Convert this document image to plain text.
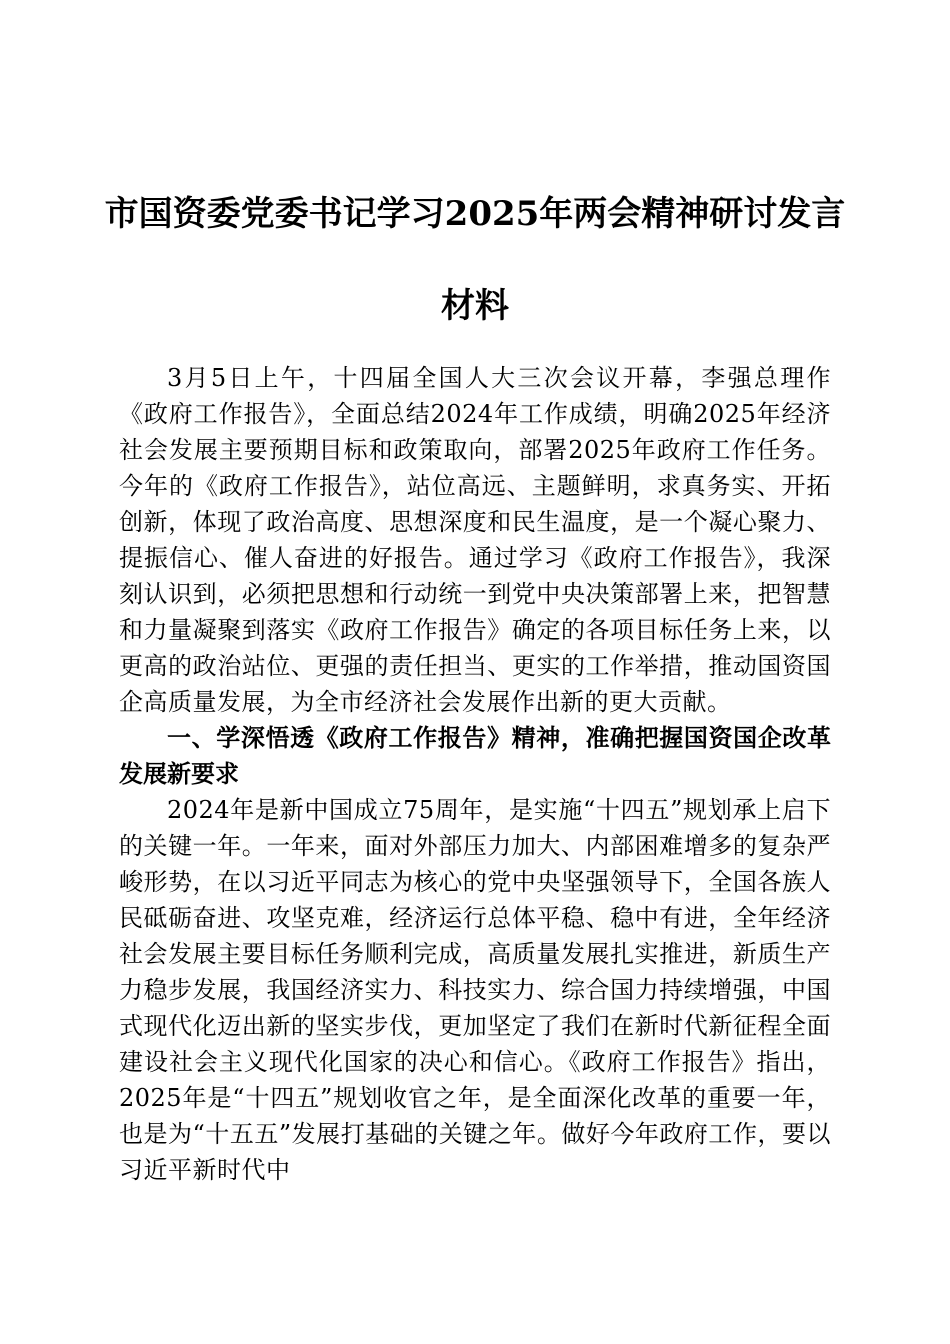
市国资委党委书记学习2025年两会精神研讨发言材料

3月5日上午，十四届全国人大三次会议开幕，李强总理作《政府工作报告》，全面总结2024年工作成绩，明确2025年经济社会发展主要预期目标和政策取向，部署2025年政府工作任务。今年的《政府工作报告》，站位高远、主题鲜明，求真务实、开拓创新，体现了政治高度、思想深度和民生温度，是一个凝心聚力、提振信心、催人奋进的好报告。通过学习《政府工作报告》，我深刻认识到，必须把思想和行动统一到党中央决策部署上来，把智慧和力量凝聚到落实《政府工作报告》确定的各项目标任务上来，以更高的政治站位、更强的责任担当、更实的工作举措，推动国资国企高质量发展，为全市经济社会发展作出新的更大贡献。

一、学深悟透《政府工作报告》精神，准确把握国资国企改革发展新要求

2024年是新中国成立75周年，是实施“十四五”规划承上启下的关键一年。一年来，面对外部压力加大、内部困难增多的复杂严峻形势，在以习近平同志为核心的党中央坚强领导下，全国各族人民砥砺奋进、攻坚克难，经济运行总体平稳、稳中有进，全年经济社会发展主要目标任务顺利完成，高质量发展扎实推进，新质生产力稳步发展，我国经济实力、科技实力、综合国力持续增强，中国式现代化迈出新的坚实步伐，更加坚定了我们在新时代新征程全面建设社会主义现代化国家的决心和信心。《政府工作报告》指出，2025年是“十四五”规划收官之年，是全面深化改革的重要一年，也是为“十五五”发展打基础的关键之年。做好今年政府工作，要以习近平新时代中
